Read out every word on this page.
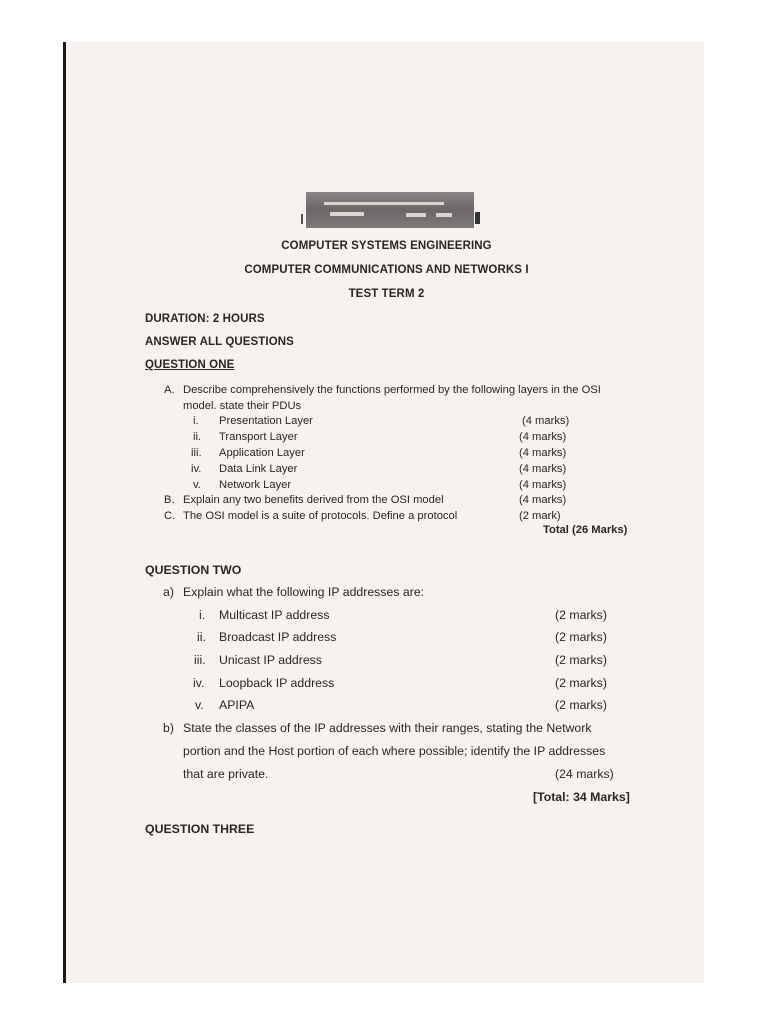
COMPUTER SYSTEMS ENGINEERING
COMPUTER COMMUNICATIONS AND NETWORKS I
TEST TERM 2
DURATION: 2 HOURS
ANSWER ALL QUESTIONS
QUESTION ONE
A. Describe comprehensively the functions performed by the following layers in the OSI
model. state their PDUs
i. Presentation Layer	(4 marks)
ii. Transport Layer	(4 marks)
iii. Application Layer	(4 marks)
iv. Data Link Layer	(4 marks)
v. Network Layer	(4 marks)
B. Explain any two benefits derived from the OSI model	(4 marks)
C. The OSI model is a suite of protocols. Define a protocol	(2 mark)
Total (26 Marks)
QUESTION TWO
a) Explain what the following IP addresses are:
i. Multicast IP address	(2 marks)
ii. Broadcast IP address	(2 marks)
iii. Unicast IP address	(2 marks)
iv. Loopback IP address	(2 marks)
v. APIPA	(2 marks)
b) State the classes of the IP addresses with their ranges, stating the Network
portion and the Host portion of each where possible; identify the IP addresses
that are private.	(24 marks)
[Total: 34 Marks]
QUESTION THREE
